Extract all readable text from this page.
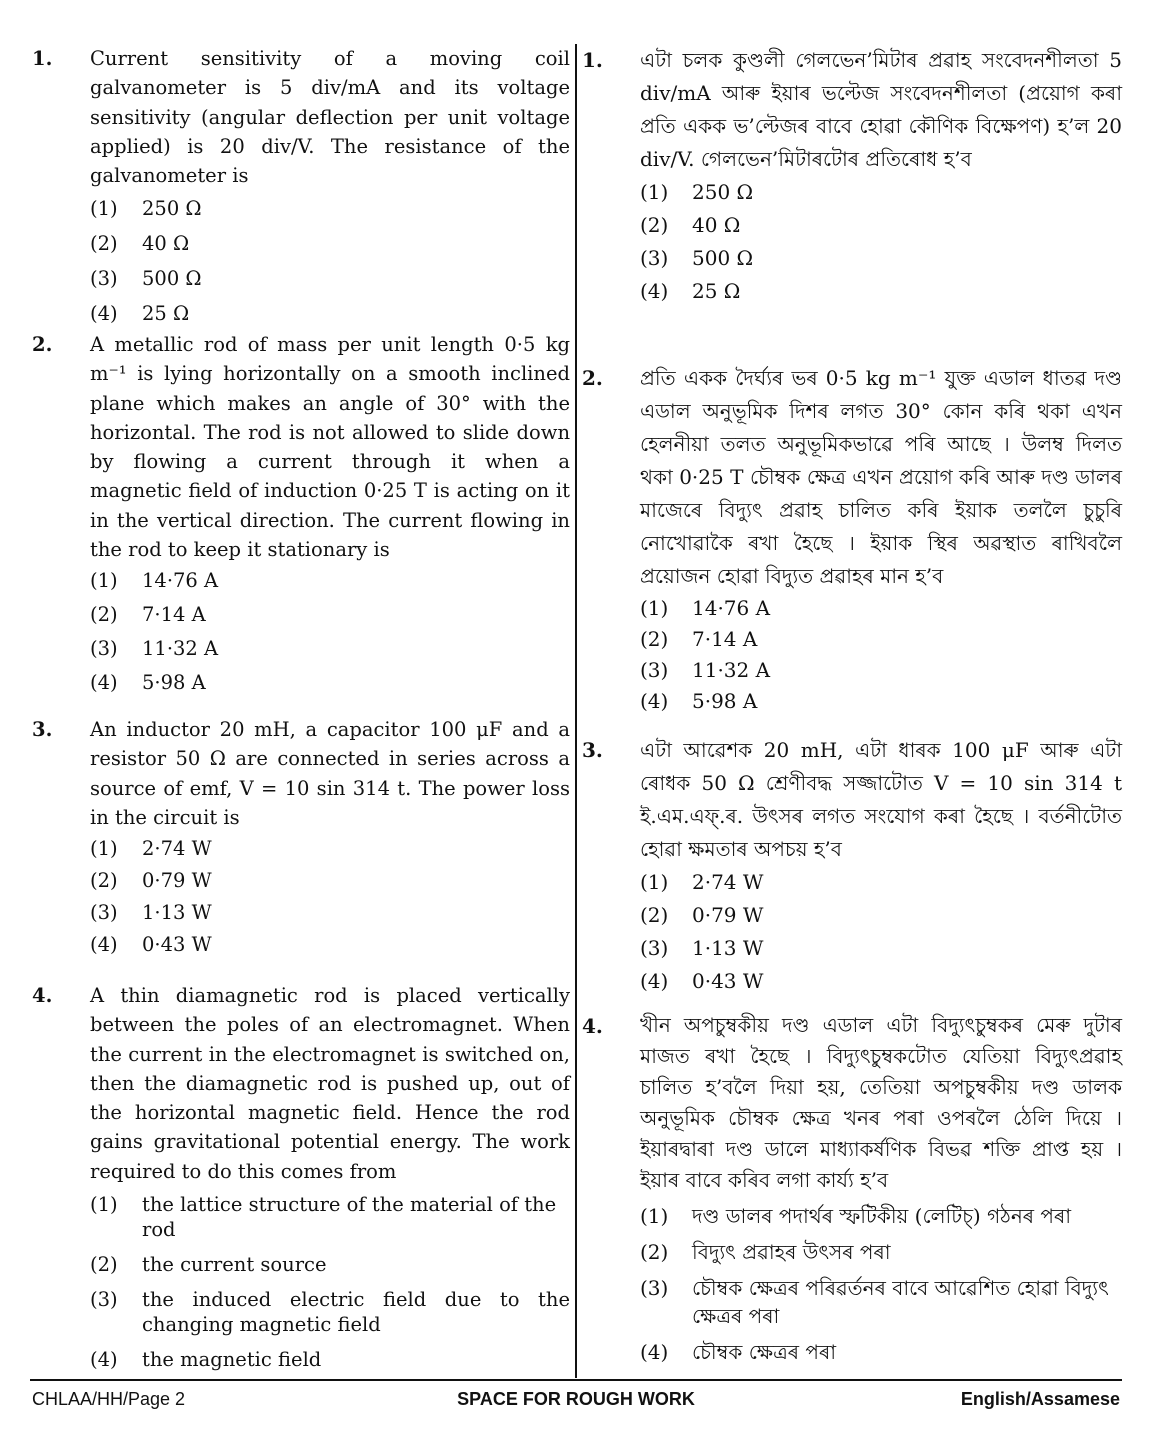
1. Current sensitivity of a moving coil galvanometer is 5 div/mA and its voltage sensitivity (angular deflection per unit voltage applied) is 20 div/V. The resistance of the galvanometer is
(1) 250 Ω
(2) 40 Ω
(3) 500 Ω
(4) 25 Ω
2. A metallic rod of mass per unit length 0·5 kg m⁻¹ is lying horizontally on a smooth inclined plane which makes an angle of 30° with the horizontal. The rod is not allowed to slide down by flowing a current through it when a magnetic field of induction 0·25 T is acting on it in the vertical direction. The current flowing in the rod to keep it stationary is
(1) 14·76 A
(2) 7·14 A
(3) 11·32 A
(4) 5·98 A
3. An inductor 20 mH, a capacitor 100 μF and a resistor 50 Ω are connected in series across a source of emf, V = 10 sin 314 t. The power loss in the circuit is
(1) 2·74 W
(2) 0·79 W
(3) 1·13 W
(4) 0·43 W
4. A thin diamagnetic rod is placed vertically between the poles of an electromagnet. When the current in the electromagnet is switched on, then the diamagnetic rod is pushed up, out of the horizontal magnetic field. Hence the rod gains gravitational potential energy. The work required to do this comes from
(1) the lattice structure of the material of the rod
(2) the current source
(3) the induced electric field due to the changing magnetic field
(4) the magnetic field
1. এটা চলক কুণ্ডলী গেলভেন’মিটাৰ প্ৰৱাহ সংবেদনশীলতা 5 div/mA আৰু ইয়াৰ ভল্টেজ সংবেদনশীলতা (প্ৰয়োগ কৰা প্ৰতি একক ভ’ল্টেজৰ বাবে হোৱা কৌণিক বিক্ষেপণ) হ’ল 20 div/V. গেলভেন’মিটাৰটোৰ প্ৰতিৰোধ হ’ব
(1) 250 Ω
(2) 40 Ω
(3) 500 Ω
(4) 25 Ω
2. প্ৰতি একক দৈৰ্ঘ্যৰ ভৰ 0·5 kg m⁻¹ যুক্ত এডাল ধাতৱ দণ্ড এডাল অনুভূমিক দিশৰ লগত 30° কোন কৰি থকা এখন হেলনীয়া তলত অনুভূমিকভাৱে পৰি আছে । উলম্ব দিলত থকা 0·25 T চৌম্বক ক্ষেত্ৰ এখন প্ৰয়োগ কৰি আৰু দণ্ড ডালৰ মাজেৰে বিদ্যুৎ প্ৰৱাহ চালিত কৰি ইয়াক তললৈ চুচুৰি নোখোৱাকৈ ৰখা হৈছে । ইয়াক স্থিৰ অৱস্থাত ৰাখিবলৈ প্ৰয়োজন হোৱা বিদ্যুত প্ৰৱাহৰ মান হ’ব
(1) 14·76 A
(2) 7·14 A
(3) 11·32 A
(4) 5·98 A
3. এটা আৱেশক 20 mH, এটা ধাৰক 100 μF আৰু এটা ৰোধক 50 Ω শ্ৰেণীবদ্ধ সজ্জাটোত V = 10 sin 314 t ই.এম.এফ্.ৰ. উৎসৰ লগত সংযোগ কৰা হৈছে । বৰ্তনীটোত হোৱা ক্ষমতাৰ অপচয় হ’ব
(1) 2·74 W
(2) 0·79 W
(3) 1·13 W
(4) 0·43 W
4. খীন অপচুম্বকীয় দণ্ড এডাল এটা বিদ্যুৎচুম্বকৰ মেৰু দুটাৰ মাজত ৰখা হৈছে । বিদ্যুৎচুম্বকটোত যেতিয়া বিদ্যুৎপ্ৰৱাহ চালিত হ’বলৈ দিয়া হয়, তেতিয়া অপচুম্বকীয় দণ্ড ডালক অনুভূমিক চৌম্বক ক্ষেত্ৰ খনৰ পৰা ওপৰলৈ ঠেলি দিয়ে । ইয়াৰদ্বাৰা দণ্ড ডালে মাধ্যাকৰ্ষণিক বিভৱ শক্তি প্ৰাপ্ত হয় । ইয়াৰ বাবে কৰিব লগা কাৰ্য্য হ’ব
(1) দণ্ড ডালৰ পদাৰ্থৰ স্ফটিকীয় (লেটিচ্) গঠনৰ পৰা
(2) বিদ্যুৎ প্ৰৱাহৰ উৎসৰ পৰা
(3) চৌম্বক ক্ষেত্ৰৰ পৰিৱৰ্তনৰ বাবে আৱেশিত হোৱা বিদ্যুৎ ক্ষেত্ৰৰ পৰা
(4) চৌম্বক ক্ষেত্ৰৰ পৰা
SPACE FOR ROUGH WORK
CHLAA/HH/Page 2	English/Assamese
